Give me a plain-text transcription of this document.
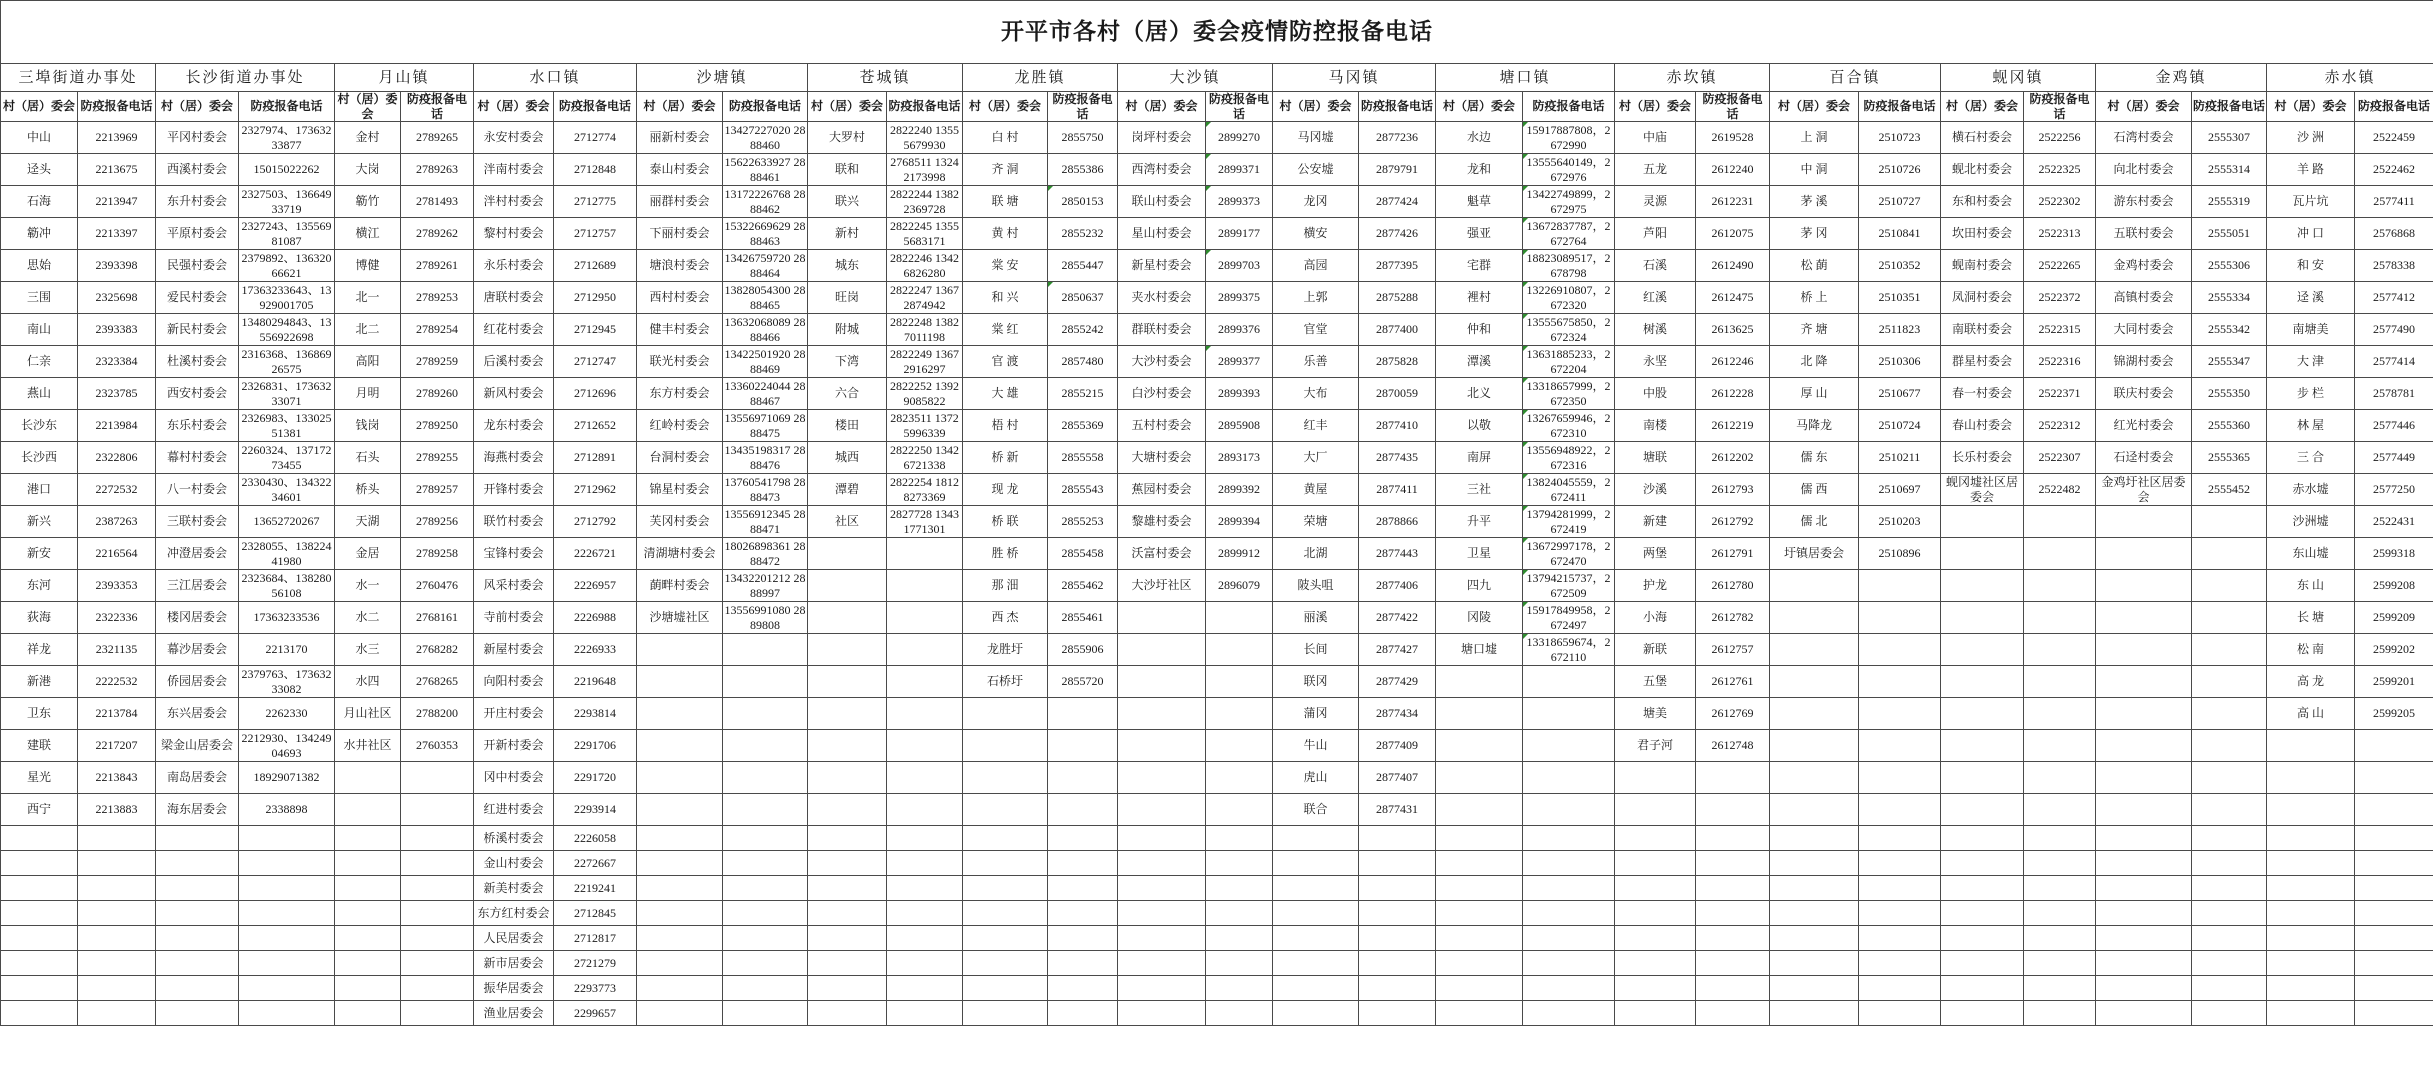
开平市各村（居）委会疫情防控报备电话																													
三埠街道办事处		长沙街道办事处		月山镇		水口镇		沙塘镇		苍城镇		龙胜镇		大沙镇		马冈镇		塘口镇		赤坎镇		百合镇		蚬冈镇		金鸡镇		赤水镇	
村（居）委会	防疫报备电话	村（居）委会	防疫报备电话	村（居）委会	防疫报备电话	村（居）委会	防疫报备电话	村（居）委会	防疫报备电话	村（居）委会	防疫报备电话	村（居）委会	防疫报备电话	村（居）委会	防疫报备电话	村（居）委会	防疫报备电话	村（居）委会	防疫报备电话	村（居）委会	防疫报备电话	村（居）委会	防疫报备电话	村（居）委会	防疫报备电话	村（居）委会	防疫报备电话	村（居）委会	防疫报备电话
中山	2213969	平冈村委会	2327974、17363233877	金村	2789265	永安村委会	2712774	丽新村委会	13427227020 2888460	大罗村	2822240 13555679930	白 村	2855750	岗坪村委会	2899270	马冈墟	2877236	水边	15917887808，2672990	中庙	2619528	上 洞	2510723	横石村委会	2522256	石湾村委会	2555307	沙 洲	2522459
迳头	2213675	西溪村委会	15015022262	大岗	2789263	泮南村委会	2712848	泰山村委会	15622633927 2888461	联和	2768511 13242173998	齐 洞	2855386	西湾村委会	2899371	公安墟	2879791	龙和	13555640149，2672976	五龙	2612240	中 洞	2510726	蚬北村委会	2522325	向北村委会	2555314	羊 路	2522462
石海	2213947	东升村委会	2327503、13664933719	簕竹	2781493	泮村村委会	2712775	丽群村委会	13172226768 2888462	联兴	2822244 13822369728	联 塘	2850153	联山村委会	2899373	龙冈	2877424	魁草	13422749899，2672975	灵源	2612231	茅 溪	2510727	东和村委会	2522302	游东村委会	2555319	瓦片坑	2577411
簕冲	2213397	平原村委会	2327243、13556981087	横江	2789262	黎村村委会	2712757	下丽村委会	15322669629 2888463	新村	2822245 13555683171	黄 村	2855232	星山村委会	2899177	横安	2877426	强亚	13672837787，2672764	芦阳	2612075	茅 冈	2510841	坎田村委会	2522313	五联村委会	2555051	冲 口	2576868
思始	2393398	民强村委会	2379892、13632066621	博健	2789261	永乐村委会	2712689	塘浪村委会	13426759720 2888464	城东	2822246 13426826280	棠 安	2855447	新星村委会	2899703	高园	2877395	宅群	18823089517，2678798	石溪	2612490	松 蓢	2510352	蚬南村委会	2522265	金鸡村委会	2555306	和 安	2578338
三围	2325698	爱民村委会	17363233643、13929001705	北一	2789253	唐联村委会	2712950	西村村委会	13828054300 2888465	旺岗	2822247 13672874942	和 兴	2850637	夹水村委会	2899375	上郭	2875288	裡村	13226910807，2672320	红溪	2612475	桥 上	2510351	凤洞村委会	2522372	高镇村委会	2555334	迳 溪	2577412
南山	2393383	新民村委会	13480294843、13556922698	北二	2789254	红花村委会	2712945	健丰村委会	13632068089 2888466	附城	2822248 13827011198	棠 红	2855242	群联村委会	2899376	官堂	2877400	仲和	13555675850，2672324	树溪	2613625	齐 塘	2511823	南联村委会	2522315	大同村委会	2555342	南塘美	2577490
仁亲	2323384	杜溪村委会	2316368、13686926575	高阳	2789259	后溪村委会	2712747	联光村委会	13422501920 2888469	下湾	2822249 13672916297	官 渡	2857480	大沙村委会	2899377	乐善	2875828	潭溪	13631885233，2672204	永坚	2612246	北 降	2510306	群星村委会	2522316	锦湖村委会	2555347	大 津	2577414
燕山	2323785	西安村委会	2326831、17363233071	月明	2789260	新风村委会	2712696	东方村委会	13360224044 2888467	六合	2822252 13929085822	大 雄	2855215	白沙村委会	2899393	大布	2870059	北义	13318657999，2672350	中股	2612228	厚 山	2510677	春一村委会	2522371	联庆村委会	2555350	步 栏	2578781
长沙东	2213984	东乐村委会	2326983、13302551381	钱岗	2789250	龙东村委会	2712652	红岭村委会	13556971069 2888475	楼田	2823511 13725996339	梧 村	2855369	五村村委会	2895908	红丰	2877410	以敬	13267659946，2672310	南楼	2612219	马降龙	2510724	春山村委会	2522312	红光村委会	2555360	林 屋	2577446
长沙西	2322806	幕村村委会	2260324、13717273455	石头	2789255	海燕村委会	2712891	台洞村委会	13435198317 2888476	城西	2822250 13426721338	桥 新	2855558	大塘村委会	2893173	大厂	2877435	南屏	13556948922，2672316	塘联	2612202	儒 东	2510211	长乐村委会	2522307	石迳村委会	2555365	三 合	2577449
港口	2272532	八一村委会	2330430、13432234601	桥头	2789257	开锋村委会	2712962	锦星村委会	13760541798 2888473	潭碧	2822254 18128273369	现 龙	2855543	蕉园村委会	2899392	黄屋	2877411	三社	13824045559，2672411	沙溪	2612793	儒 西	2510697	蚬冈墟社区居委会	2522482	金鸡圩社区居委会	2555452	赤水墟	2577250
新兴	2387263	三联村委会	13652720267	天湖	2789256	联竹村委会	2712792	芙冈村委会	13556912345 2888471	社区	2827728 13431771301	桥 联	2855253	黎雄村委会	2899394	荣塘	2878866	升平	13794281999，2672419	新建	2612792	儒 北	2510203					沙洲墟	2522431
新安	2216564	冲澄居委会	2328055、13822441980	金居	2789258	宝锋村委会	2226721	清湖塘村委会	18026898361 2888472			胜 桥	2855458	沃富村委会	2899912	北湖	2877443	卫星	13672997178，2672470	两堡	2612791	圩镇居委会	2510896					东山墟	2599318
东河	2393353	三江居委会	2323684、13828056108	水一	2760476	风采村委会	2226957	蓢畔村委会	13432201212 2888997			那 沺	2855462	大沙圩社区	2896079	陂头咀	2877406	四九	13794215737，2672509	护龙	2612780							东 山	2599208
荻海	2322336	楼冈居委会	17363233536	水二	2768161	寺前村委会	2226988	沙塘墟社区	13556991080 2889808			西 杰	2855461			丽溪	2877422	冈陵	15917849958，2672497	小海	2612782							长 塘	2599209
祥龙	2321135	幕沙居委会	2213170	水三	2768282	新屋村委会	2226933					龙胜圩	2855906			长间	2877427	塘口墟	13318659674，2672110	新联	2612757							松 南	2599202
新港	2222532	侨园居委会	2379763、17363233082	水四	2768265	向阳村委会	2219648					石桥圩	2855720			联冈	2877429			五堡	2612761							高 龙	2599201
卫东	2213784	东兴居委会	2262330	月山社区	2788200	开庄村委会	2293814									蒲冈	2877434			塘美	2612769							高 山	2599205
建联	2217207	梁金山居委会	2212930、13424904693	水井社区	2760353	开新村委会	2291706									牛山	2877409			君子河	2612748								
星光	2213843	南岛居委会	18929071382			冈中村委会	2291720									虎山	2877407												
西宁	2213883	海东居委会	2338898			红进村委会	2293914									联合	2877431												
						桥溪村委会	2226058																						
						金山村委会	2272667																						
						新美村委会	2219241																						
						东方红村委会	2712845																						
						人民居委会	2712817																						
						新市居委会	2721279																						
						振华居委会	2293773																						
						渔业居委会	2299657																						
